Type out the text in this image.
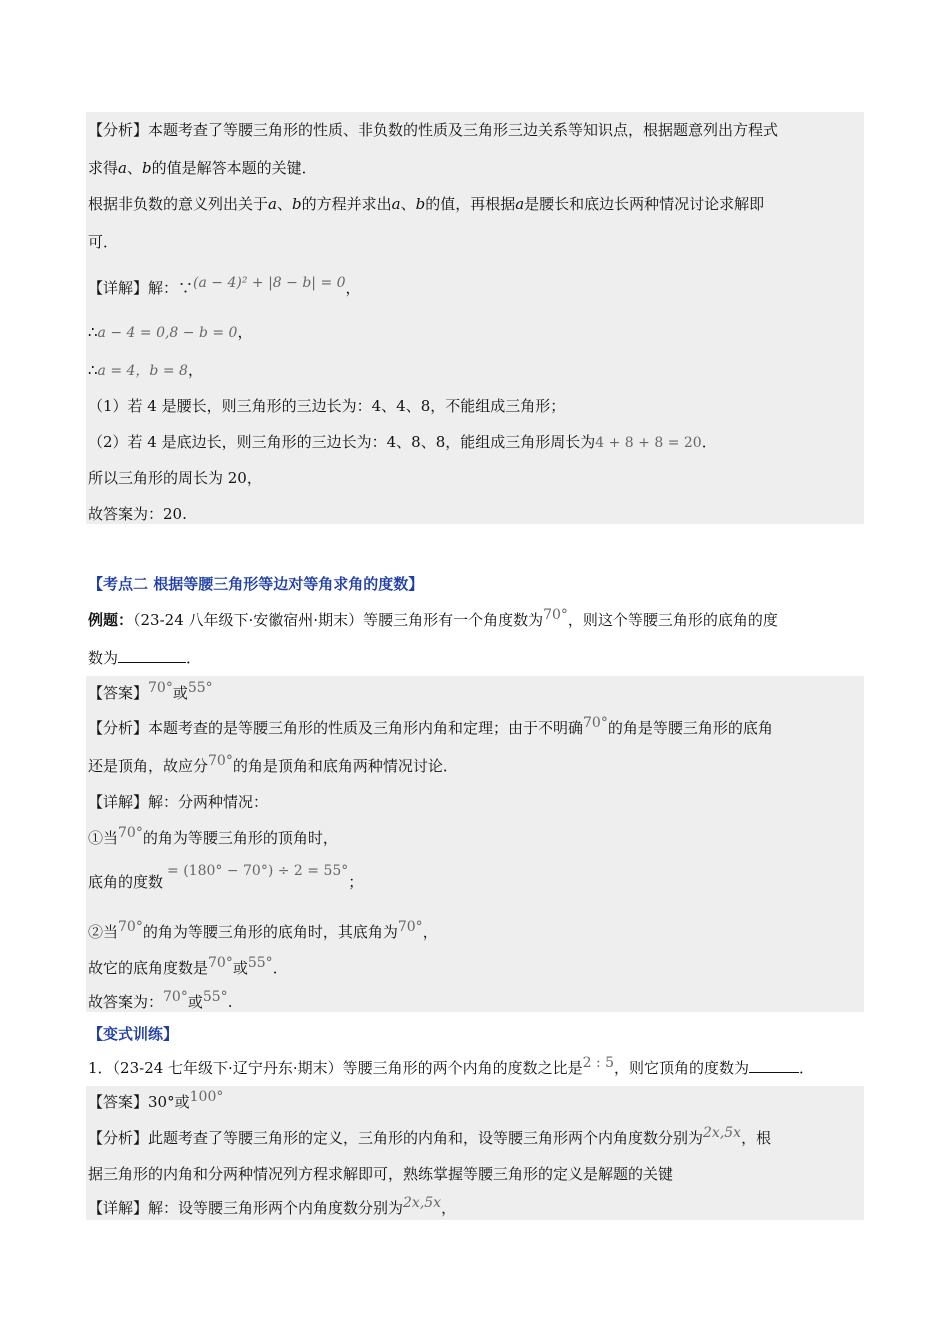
【分析】本题考查了等腰三角形的性质、非负数的性质及三角形三边关系等知识点，根据题意列出方程式
求得a、b的值是解答本题的关键．
根据非负数的意义列出关于a、b的方程并求出a、b的值，再根据a是腰长和底边长两种情况讨论求解即
可．
【详解】解：∵(a − 4)² + |8 − b| = 0，
∴a − 4 = 0,8 − b = 0，
∴a = 4，b = 8，
（1）若 4 是腰长，则三角形的三边长为：4、4、8，不能组成三角形；
（2）若 4 是底边长，则三角形的三边长为：4、8、8，能组成三角形周长为4 + 8 + 8 = 20．
所以三角形的周长为 20，
故答案为：20.
【考点二 根据等腰三角形等边对等角求角的度数】
例题：（23-24 八年级下·安徽宿州·期末）等腰三角形有一个角度数为70°，则这个等腰三角形的底角的度
数为	．
【答案】70°或55°
【分析】本题考查的是等腰三角形的性质及三角形内角和定理；由于不明确70°的角是等腰三角形的底角
还是顶角，故应分70°的角是顶角和底角两种情况讨论．
【详解】解：分两种情况：
①当70°的角为等腰三角形的顶角时，
底角的度数= (180° − 70°) ÷ 2 = 55°；
②当70°的角为等腰三角形的底角时，其底角为70°，
故它的底角度数是70°或55°．
故答案为：70°或55°.
【变式训练】
1．（23-24 七年级下·辽宁丹东·期末）等腰三角形的两个内角的度数之比是2 : 5，则它顶角的度数为	．
【答案】30°或100°
【分析】此题考查了等腰三角形的定义，三角形的内角和，设等腰三角形两个内角度数分别为2x,5x，根
据三角形的内角和分两种情况列方程求解即可，熟练掌握等腰三角形的定义是解题的关键
【详解】解：设等腰三角形两个内角度数分别为2x,5x，
